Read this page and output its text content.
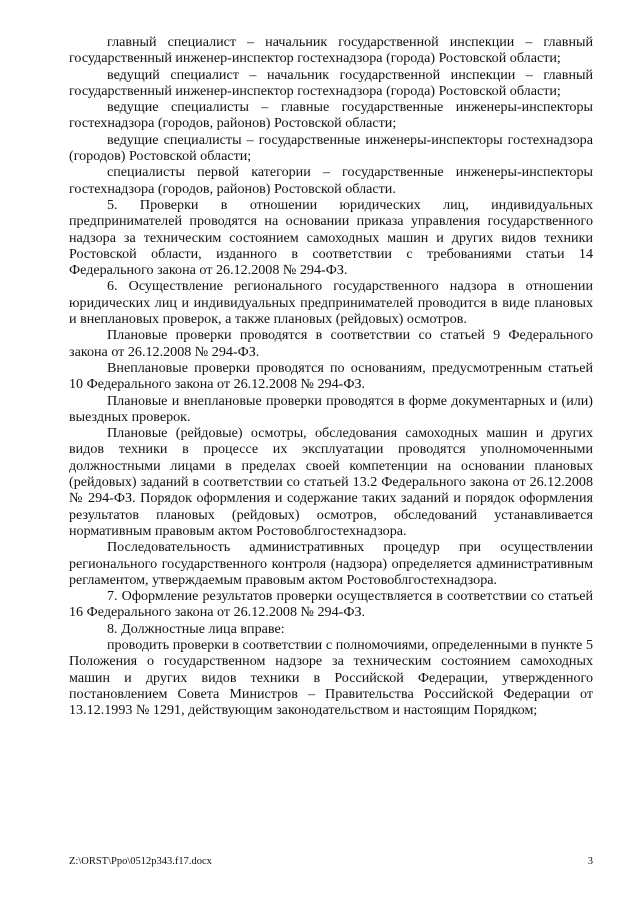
главный специалист – начальник государственной инспекции – главный государственный инженер-инспектор гостехнадзора (города) Ростовской области;

ведущий специалист – начальник государственной инспекции – главный государственный инженер-инспектор гостехнадзора (города) Ростовской области;

ведущие специалисты – главные государственные инженеры-инспекторы гостехнадзора (городов, районов) Ростовской области;

ведущие специалисты – государственные инженеры-инспекторы гостехнадзора (городов) Ростовской области;

специалисты первой категории – государственные инженеры-инспекторы гостехнадзора (городов, районов) Ростовской области.

5. Проверки в отношении юридических лиц, индивидуальных предпринимателей проводятся на основании приказа управления государственного надзора за техническим состоянием самоходных машин и других видов техники Ростовской области, изданного в соответствии с требованиями статьи 14 Федерального закона от 26.12.2008 № 294-ФЗ.

6. Осуществление регионального государственного надзора в отношении юридических лиц и индивидуальных предпринимателей проводится в виде плановых и внеплановых проверок, а также плановых (рейдовых) осмотров.

Плановые проверки проводятся в соответствии со статьей 9 Федерального закона от 26.12.2008 № 294-ФЗ.

Внеплановые проверки проводятся по основаниям, предусмотренным статьей 10 Федерального закона от 26.12.2008 № 294-ФЗ.

Плановые и внеплановые проверки проводятся в форме документарных и (или) выездных проверок.

Плановые (рейдовые) осмотры, обследования самоходных машин и других видов техники в процессе их эксплуатации проводятся уполномоченными должностными лицами в пределах своей компетенции на основании плановых (рейдовых) заданий в соответствии со статьей 13.2 Федерального закона от 26.12.2008 № 294-ФЗ. Порядок оформления и содержание таких заданий и порядок оформления результатов плановых (рейдовых) осмотров, обследований устанавливается нормативным правовым актом Ростовоблгостехнадзора.

Последовательность административных процедур при осуществлении регионального государственного контроля (надзора) определяется административным регламентом, утверждаемым правовым актом Ростовоблгостехнадзора.

7. Оформление результатов проверки осуществляется в соответствии со статьей 16 Федерального закона от 26.12.2008 № 294-ФЗ.

8. Должностные лица вправе:

проводить проверки в соответствии с полномочиями, определенными в пункте 5 Положения о государственном надзоре за техническим состоянием самоходных машин и других видов техники в Российской Федерации, утвержденного постановлением Совета Министров – Правительства Российской Федерации от 13.12.1993 № 1291, действующим законодательством и настоящим Порядком;

Z:\ORST\Ppo\0512p343.f17.docx	3
